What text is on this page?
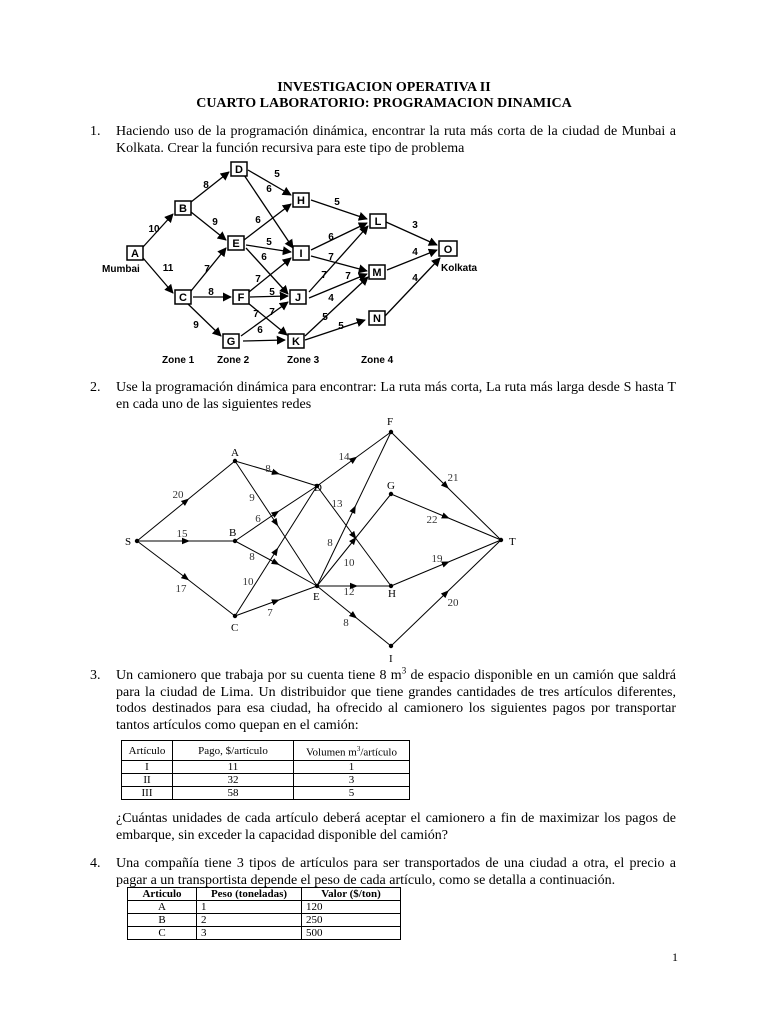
INVESTIGACION OPERATIVA II
CUARTO LABORATORIO: PROGRAMACION DINAMICA
1. Haciendo uso de la programación dinámica, encontrar la ruta más corta de la ciudad de Munbai a Kolkata. Crear la función recursiva para este tipo de problema
A
B
C
D
E
F
G
H
I
J
K
L
M
N
O
Mumbai	Kolkata
Zone 1 Zone 2	Zone 3	Zone 4
10
11
8
9
7
8
9
5
6
6
5
6
7
5
7 7
6
5
6
7
7 7
4
5
5
3
4
4
2. Use la programación dinámica para encontrar: La ruta más corta, La ruta más larga desde S hasta T en cada uno de las siguientes redes
S
A
B
C
D
E
F
G
H
I
T
20
15
17
8
9
6
8
10
7
14
13
8
10
12
8
21
22
19
20
3. Un camionero que trabaja por su cuenta tiene 8 $m^3$ de espacio disponible en un camión que saldrá para la ciudad de Lima. Un distribuidor que tiene grandes cantidades de tres artículos diferentes, todos destinados para esa ciudad, ha ofrecido al camionero los siguientes pagos por transportar tantos artículos como quepan en el camión:
Artículo	Pago, $/artículo	Volumen $m^3$/artículo
I	11	1
II	32	3
III	58	5
¿Cuántas unidades de cada artículo deberá aceptar el camionero a fin de maximizar los pagos de embarque, sin exceder la capacidad disponible del camión?
4. Una compañía tiene 3 tipos de artículos para ser transportados de una ciudad a otra, el precio a pagar a un transportista depende el peso de cada artículo, como se detalla a continuación.
Articulo	Peso (toneladas)	Valor ($/ton)
A	1	120
B	2	250
C	3	500
1
